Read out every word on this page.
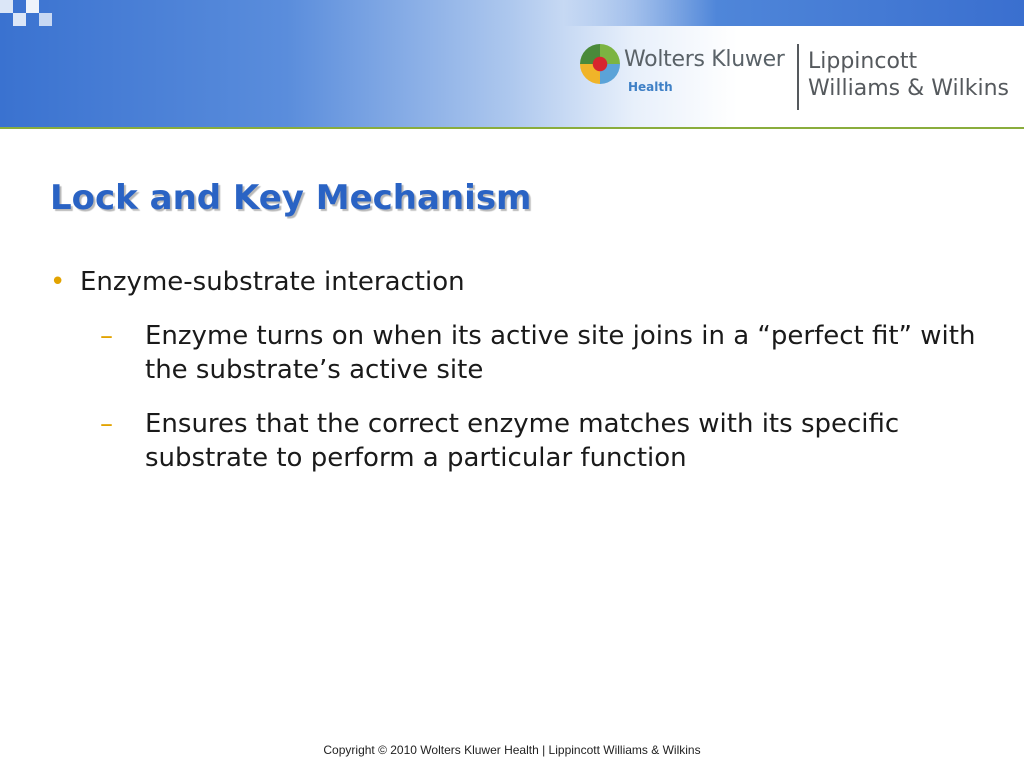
Wolters Kluwer
Health
Lippincott
Williams & Wilkins
Lock and Key Mechanism
• Enzyme-substrate interaction
– Enzyme turns on when its active site joins in a “perfect fit” with the substrate’s active site
– Ensures that the correct enzyme matches with its specific substrate to perform a particular function
Copyright © 2010 Wolters Kluwer Health | Lippincott Williams & Wilkins
